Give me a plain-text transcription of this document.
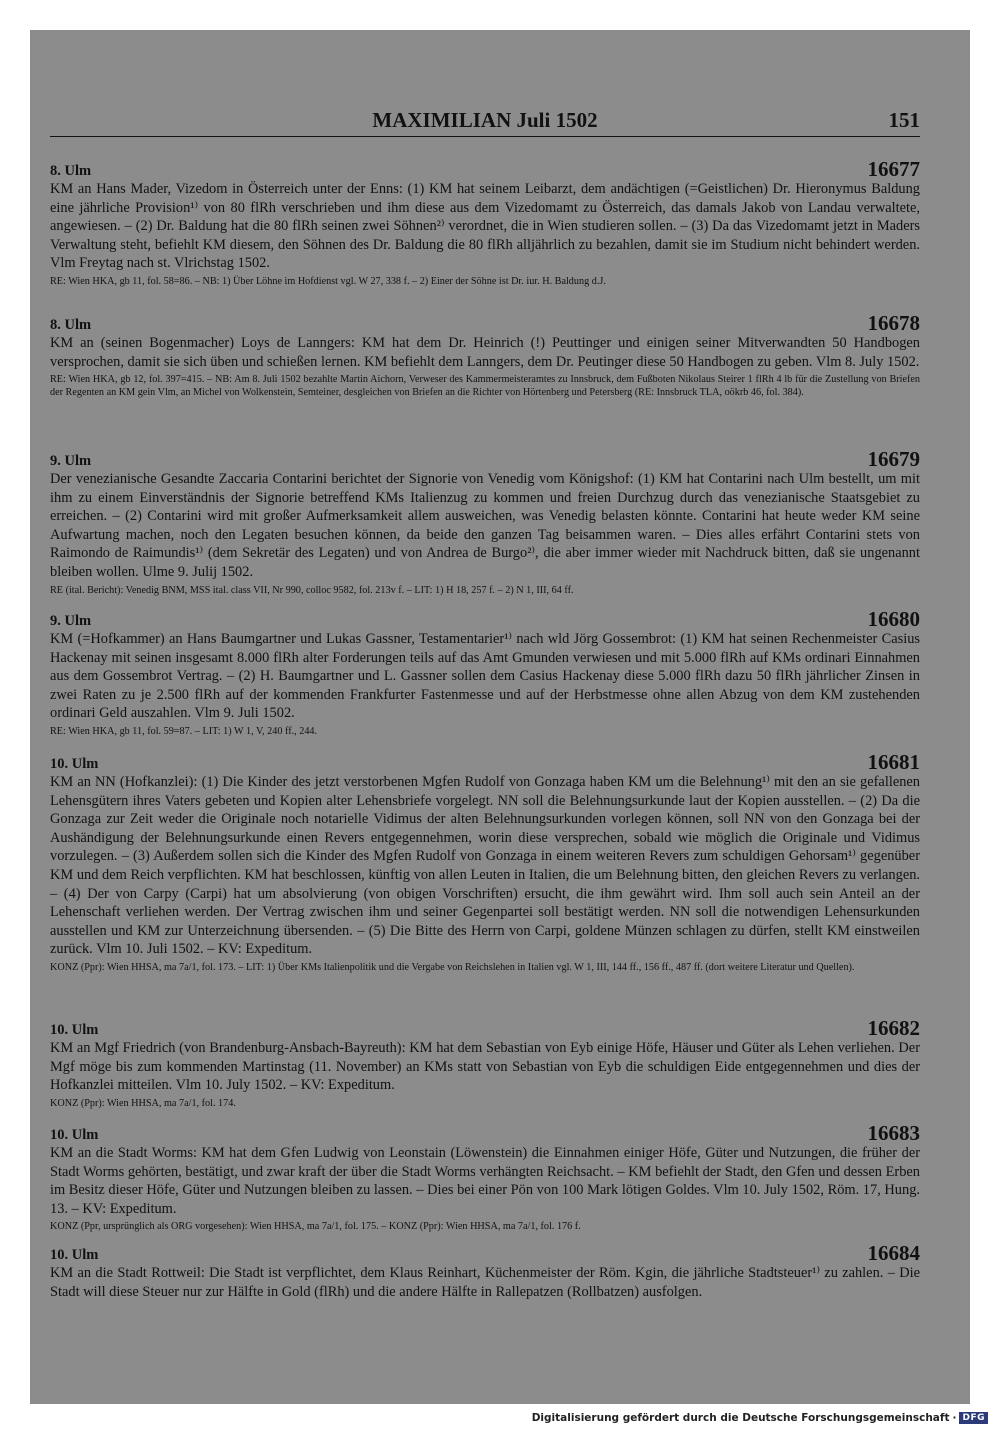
MAXIMILIAN Juli 1502	151
8. Ulm	16677

KM an Hans Mader, Vizedom in Österreich unter der Enns: (1) KM hat seinem Leibarzt, dem andächtigen (=Geistlichen) Dr. Hieronymus Baldung eine jährliche Provision¹⁾ von 80 flRh verschrieben und ihm diese aus dem Vizedomamt zu Österreich, das damals Jakob von Landau verwaltete, angewiesen. – (2) Dr. Baldung hat die 80 flRh seinen zwei Söhnen²⁾ verordnet, die in Wien studieren sollen. – (3) Da das Vizedomamt jetzt in Maders Verwaltung steht, befiehlt KM diesem, den Söhnen des Dr. Baldung die 80 flRh alljährlich zu bezahlen, damit sie im Studium nicht behindert werden. Vlm Freytag nach st. Vlrichstag 1502.

RE: Wien HKA, gb 11, fol. 58=86. – NB: 1) Über Löhne im Hofdienst vgl. W 27, 338 f. – 2) Einer der Söhne ist Dr. iur. H. Baldung d.J.

8. Ulm	16678

KM an (seinen Bogenmacher) Loys de Lanngers: KM hat dem Dr. Heinrich (!) Peuttinger und einigen seiner Mitverwandten 50 Handbogen versprochen, damit sie sich üben und schießen lernen. KM befiehlt dem Lanngers, dem Dr. Peutinger diese 50 Handbogen zu geben. Vlm 8. July 1502.

RE: Wien HKA, gb 12, fol. 397=415. – NB: Am 8. Juli 1502 bezahlte Martin Aichorn, Verweser des Kammermeisteramtes zu Innsbruck, dem Fußboten Nikolaus Steirer 1 flRh 4 lb für die Zustellung von Briefen der Regenten an KM gein Vlm, an Michel von Wolkenstein, Semteiner, desgleichen von Briefen an die Richter von Hörtenberg und Petersberg (RE: Innsbruck TLA, oökrb 46, fol. 384).

9. Ulm	16679

Der venezianische Gesandte Zaccaria Contarini berichtet der Signorie von Venedig vom Königshof: (1) KM hat Contarini nach Ulm bestellt, um mit ihm zu einem Einverständnis der Signorie betreffend KMs Italienzug zu kommen und freien Durchzug durch das venezianische Staatsgebiet zu erreichen. – (2) Contarini wird mit großer Aufmerksamkeit allem ausweichen, was Venedig belasten könnte. Contarini hat heute weder KM seine Aufwartung machen, noch den Legaten besuchen können, da beide den ganzen Tag beisammen waren. – Dies alles erfährt Contarini stets von Raimondo de Raimundis¹⁾ (dem Sekretär des Legaten) und von Andrea de Burgo²⁾, die aber immer wieder mit Nachdruck bitten, daß sie ungenannt bleiben wollen. Ulme 9. Julij 1502.

RE (ital. Bericht): Venedig BNM, MSS ital. class VII, Nr 990, colloc 9582, fol. 213v f. – LIT: 1) H 18, 257 f. – 2) N 1, III, 64 ff.

9. Ulm	16680

KM (=Hofkammer) an Hans Baumgartner und Lukas Gassner, Testamentarier¹⁾ nach wld Jörg Gossembrot: (1) KM hat seinen Rechenmeister Casius Hackenay mit seinen insgesamt 8.000 flRh alter Forderungen teils auf das Amt Gmunden verwiesen und mit 5.000 flRh auf KMs ordinari Einnahmen aus dem Gossembrot Vertrag. – (2) H. Baumgartner und L. Gassner sollen dem Casius Hackenay diese 5.000 flRh dazu 50 flRh jährlicher Zinsen in zwei Raten zu je 2.500 flRh auf der kommenden Frankfurter Fastenmesse und auf der Herbstmesse ohne allen Abzug von dem KM zustehenden ordinari Geld auszahlen. Vlm 9. Juli 1502.

RE: Wien HKA, gb 11, fol. 59=87. – LIT: 1) W 1, V, 240 ff., 244.

10. Ulm	16681

KM an NN (Hofkanzlei): (1) Die Kinder des jetzt verstorbenen Mgfen Rudolf von Gonzaga haben KM um die Belehnung¹⁾ mit den an sie gefallenen Lehensgütern ihres Vaters gebeten und Kopien alter Lehensbriefe vorgelegt. NN soll die Belehnungsurkunde laut der Kopien ausstellen. – (2) Da die Gonzaga zur Zeit weder die Originale noch notarielle Vidimus der alten Belehnungsurkunden vorlegen können, soll NN von den Gonzaga bei der Aushändigung der Belehnungsurkunde einen Revers entgegennehmen, worin diese versprechen, sobald wie möglich die Originale und Vidimus vorzulegen. – (3) Außerdem sollen sich die Kinder des Mgfen Rudolf von Gonzaga in einem weiteren Revers zum schuldigen Gehorsam¹⁾ gegenüber KM und dem Reich verpflichten. KM hat beschlossen, künftig von allen Leuten in Italien, die um Belehnung bitten, den gleichen Revers zu verlangen. – (4) Der von Carpy (Carpi) hat um absolvierung (von obigen Vorschriften) ersucht, die ihm gewährt wird. Ihm soll auch sein Anteil an der Lehenschaft verliehen werden. Der Vertrag zwischen ihm und seiner Gegenpartei soll bestätigt werden. NN soll die notwendigen Lehensurkunden ausstellen und KM zur Unterzeichnung übersenden. – (5) Die Bitte des Herrn von Carpi, goldene Münzen schlagen zu dürfen, stellt KM einstweilen zurück. Vlm 10. Juli 1502. – KV: Expeditum.

KONZ (Ppr): Wien HHSA, ma 7a/1, fol. 173. – LIT: 1) Über KMs Italienpolitik und die Vergabe von Reichslehen in Italien vgl. W 1, III, 144 ff., 156 ff., 487 ff. (dort weitere Literatur und Quellen).

10. Ulm	16682

KM an Mgf Friedrich (von Brandenburg-Ansbach-Bayreuth): KM hat dem Sebastian von Eyb einige Höfe, Häuser und Güter als Lehen verliehen. Der Mgf möge bis zum kommenden Martinstag (11. November) an KMs statt von Sebastian von Eyb die schuldigen Eide entgegennehmen und dies der Hofkanzlei mitteilen. Vlm 10. July 1502. – KV: Expeditum.

KONZ (Ppr): Wien HHSA, ma 7a/1, fol. 174.

10. Ulm	16683

KM an die Stadt Worms: KM hat dem Gfen Ludwig von Leonstain (Löwenstein) die Einnahmen einiger Höfe, Güter und Nutzungen, die früher der Stadt Worms gehörten, bestätigt, und zwar kraft der über die Stadt Worms verhängten Reichsacht. – KM befiehlt der Stadt, den Gfen und dessen Erben im Besitz dieser Höfe, Güter und Nutzungen bleiben zu lassen. – Dies bei einer Pön von 100 Mark lötigen Goldes. Vlm 10. July 1502, Röm. 17, Hung. 13. – KV: Expeditum.

KONZ (Ppr, ursprünglich als ORG vorgesehen): Wien HHSA, ma 7a/1, fol. 175. – KONZ (Ppr): Wien HHSA, ma 7a/1, fol. 176 f.

10. Ulm	16684

KM an die Stadt Rottweil: Die Stadt ist verpflichtet, dem Klaus Reinhart, Küchenmeister der Röm. Kgin, die jährliche Stadtsteuer¹⁾ zu zahlen. – Die Stadt will diese Steuer nur zur Hälfte in Gold (flRh) und die andere Hälfte in Rallepatzen (Rollbatzen) ausfolgen.

Digitalisierung gefördert durch die Deutsche Forschungsgemeinschaft · DFG
